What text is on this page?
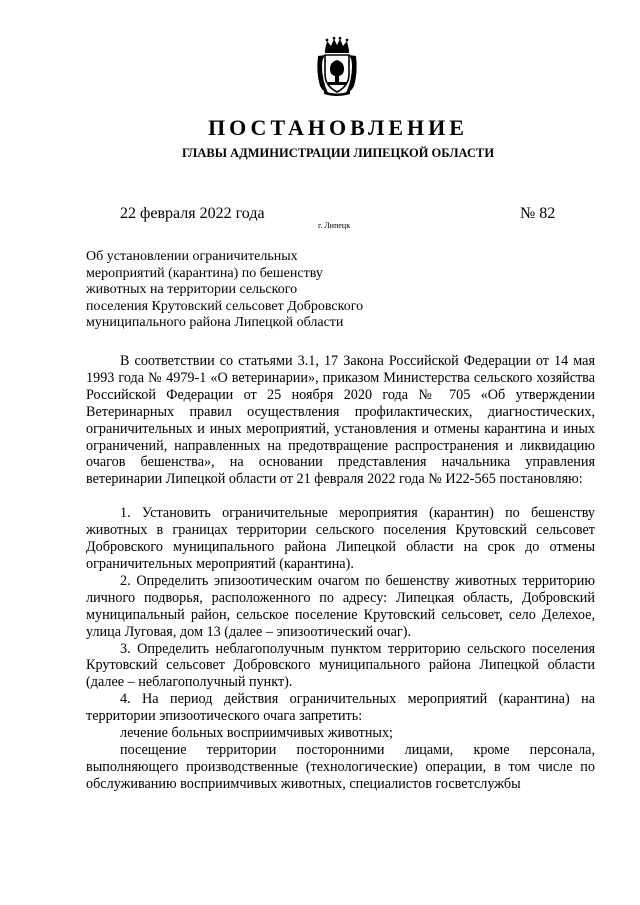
ПОСТАНОВЛЕНИЕ
ГЛАВЫ АДМИНИСТРАЦИИ ЛИПЕЦКОЙ ОБЛАСТИ
22 февраля 2022 года
г. Липецк
№ 82
Об установлении ограничительных
мероприятий (карантина) по бешенству
животных на территории сельского
поселения Крутовский сельсовет Добровского
муниципального района Липецкой области

В соответствии со статьями 3.1, 17 Закона Российской Федерации от 14 мая 1993 года № 4979-1 «О ветеринарии», приказом Министерства сельского хозяйства Российской Федерации от 25 ноября 2020 года № 705 «Об утверждении Ветеринарных правил осуществления профилактических, диагностических, ограничительных и иных мероприятий, установления и отмены карантина и иных ограничений, направленных на предотвращение распространения и ликвидацию очагов бешенства», на основании представления начальника управления ветеринарии Липецкой области от 21 февраля 2022 года № И22-565 постановляю:

1. Установить ограничительные мероприятия (карантин) по бешенству животных в границах территории сельского поселения Крутовский сельсовет Добровского муниципального района Липецкой области на срок до отмены ограничительных мероприятий (карантина).

2. Определить эпизоотическим очагом по бешенству животных территорию личного подворья, расположенного по адресу: Липецкая область, Добровский муниципальный район, сельское поселение Крутовский сельсовет, село Делехое, улица Луговая, дом 13 (далее – эпизоотический очаг).

3. Определить неблагополучным пунктом территорию сельского поселения Крутовский сельсовет Добровского муниципального района Липецкой области (далее – неблагополучный пункт).

4. На период действия ограничительных мероприятий (карантина) на территории эпизоотического очага запретить:

лечение больных восприимчивых животных;

посещение территории посторонними лицами, кроме персонала, выполняющего производственные (технологические) операции, в том числе по обслуживанию восприимчивых животных, специалистов госветслужбы
